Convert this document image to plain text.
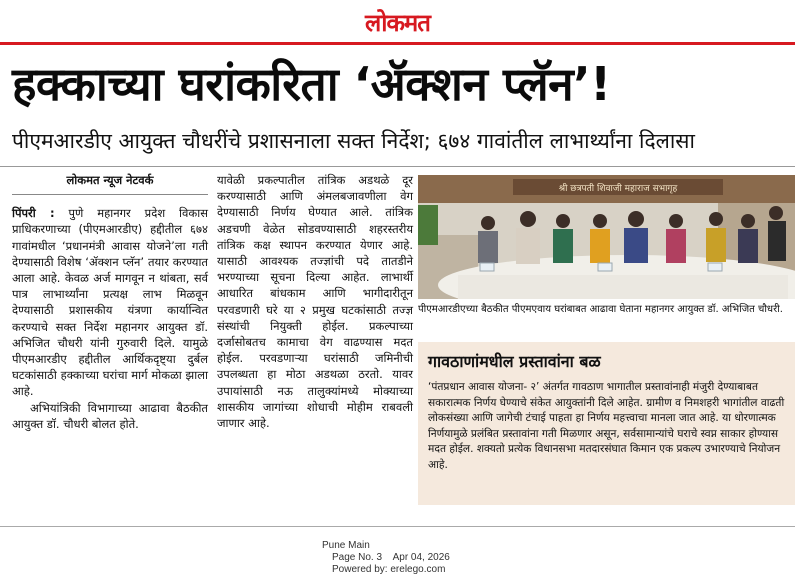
लोकमत
हक्काच्या घरांकरिता ‘ॲक्शन प्लॅन’!
पीएमआरडीए आयुक्त चौधरींचे प्रशासनाला सक्त निर्देश; ६७४ गावांतील लाभार्थ्यांना दिलासा
लोकमत न्यूज नेटवर्क

पिंपरी : पुणे महानगर प्रदेश विकास प्राधिकरणाच्या (पीएमआरडीए) हद्दीतील ६७४ गावांमधील ‘प्रधानमंत्री आवास योजने’ला गती देण्यासाठी विशेष ‘ॲक्शन प्लॅन’ तयार करण्यात आला आहे. केवळ अर्ज मागवून न थांबता, सर्व पात्र लाभार्थ्यांना प्रत्यक्ष लाभ मिळवून देण्यासाठी प्रशासकीय यंत्रणा कार्यान्वित करण्याचे सक्त निर्देश महानगर आयुक्त डॉ. अभिजित चौधरी यांनी गुरुवारी दिले. यामुळे पीएमआरडीए हद्दीतील आर्थिकदृष्ट्या दुर्बल घटकांसाठी हक्काच्या घरांचा मार्ग मोकळा झाला आहे.

अभियांत्रिकी विभागाच्या आढावा बैठकीत आयुक्त डॉ. चौधरी बोलत होते.

यावेळी प्रकल्पातील तांत्रिक अडथळे दूर करण्यासाठी आणि अंमलबजावणीला वेग देण्यासाठी निर्णय घेण्यात आले. तांत्रिक अडचणी वेळेत सोडवण्यासाठी शहरस्तरीय तांत्रिक कक्ष स्थापन करण्यात येणार आहे. यासाठी आवश्यक तज्ज्ञांची पदे तातडीने भरण्याच्या सूचना दिल्या आहेत. लाभार्थी आधारित बांधकाम आणि भागीदारीतून परवडणारी घरे या २ प्रमुख घटकांसाठी तज्ज्ञ संस्थांची नियुक्ती होईल. प्रकल्पाच्या दर्जासोबतच कामाचा वेग वाढण्यास मदत होईल. परवडणाऱ्या घरांसाठी जमिनीची उपलब्धता हा मोठा अडथळा ठरतो. यावर उपायांसाठी नऊ तालुक्यांमध्ये मोक्याच्या शासकीय जागांच्या शोधाची मोहीम राबवली जाणार आहे.

श्री छत्रपती शिवाजी महाराज सभागृह
पीएमआरडीएच्या बैठकीत पीएमएवाय घरांबाबत आढावा घेताना महानगर आयुक्त डॉ. अभिजित चौधरी.
गावठाणांमधील प्रस्तावांना बळ
‘पंतप्रधान आवास योजना- २’ अंतर्गत गावठाण भागातील प्रस्तावांनाही मंजुरी देण्याबाबत सकारात्मक निर्णय घेण्याचे संकेत आयुक्तांनी दिले आहेत. ग्रामीण व निमशहरी भागांतील वाढती लोकसंख्या आणि जागेची टंचाई पाहता हा निर्णय महत्त्वाचा मानला जात आहे. या धोरणात्मक निर्णयामुळे प्रलंबित प्रस्तावांना गती मिळणार असून, सर्वसामान्यांचे घराचे स्वप्न साकार होण्यास मदत होईल. शक्यतो प्रत्येक विधानसभा मतदारसंघात किमान एक प्रकल्प उभारण्याचे नियोजन आहे.
Pune Main
Page No. 3    Apr 04, 2026
Powered by: erelego.com
